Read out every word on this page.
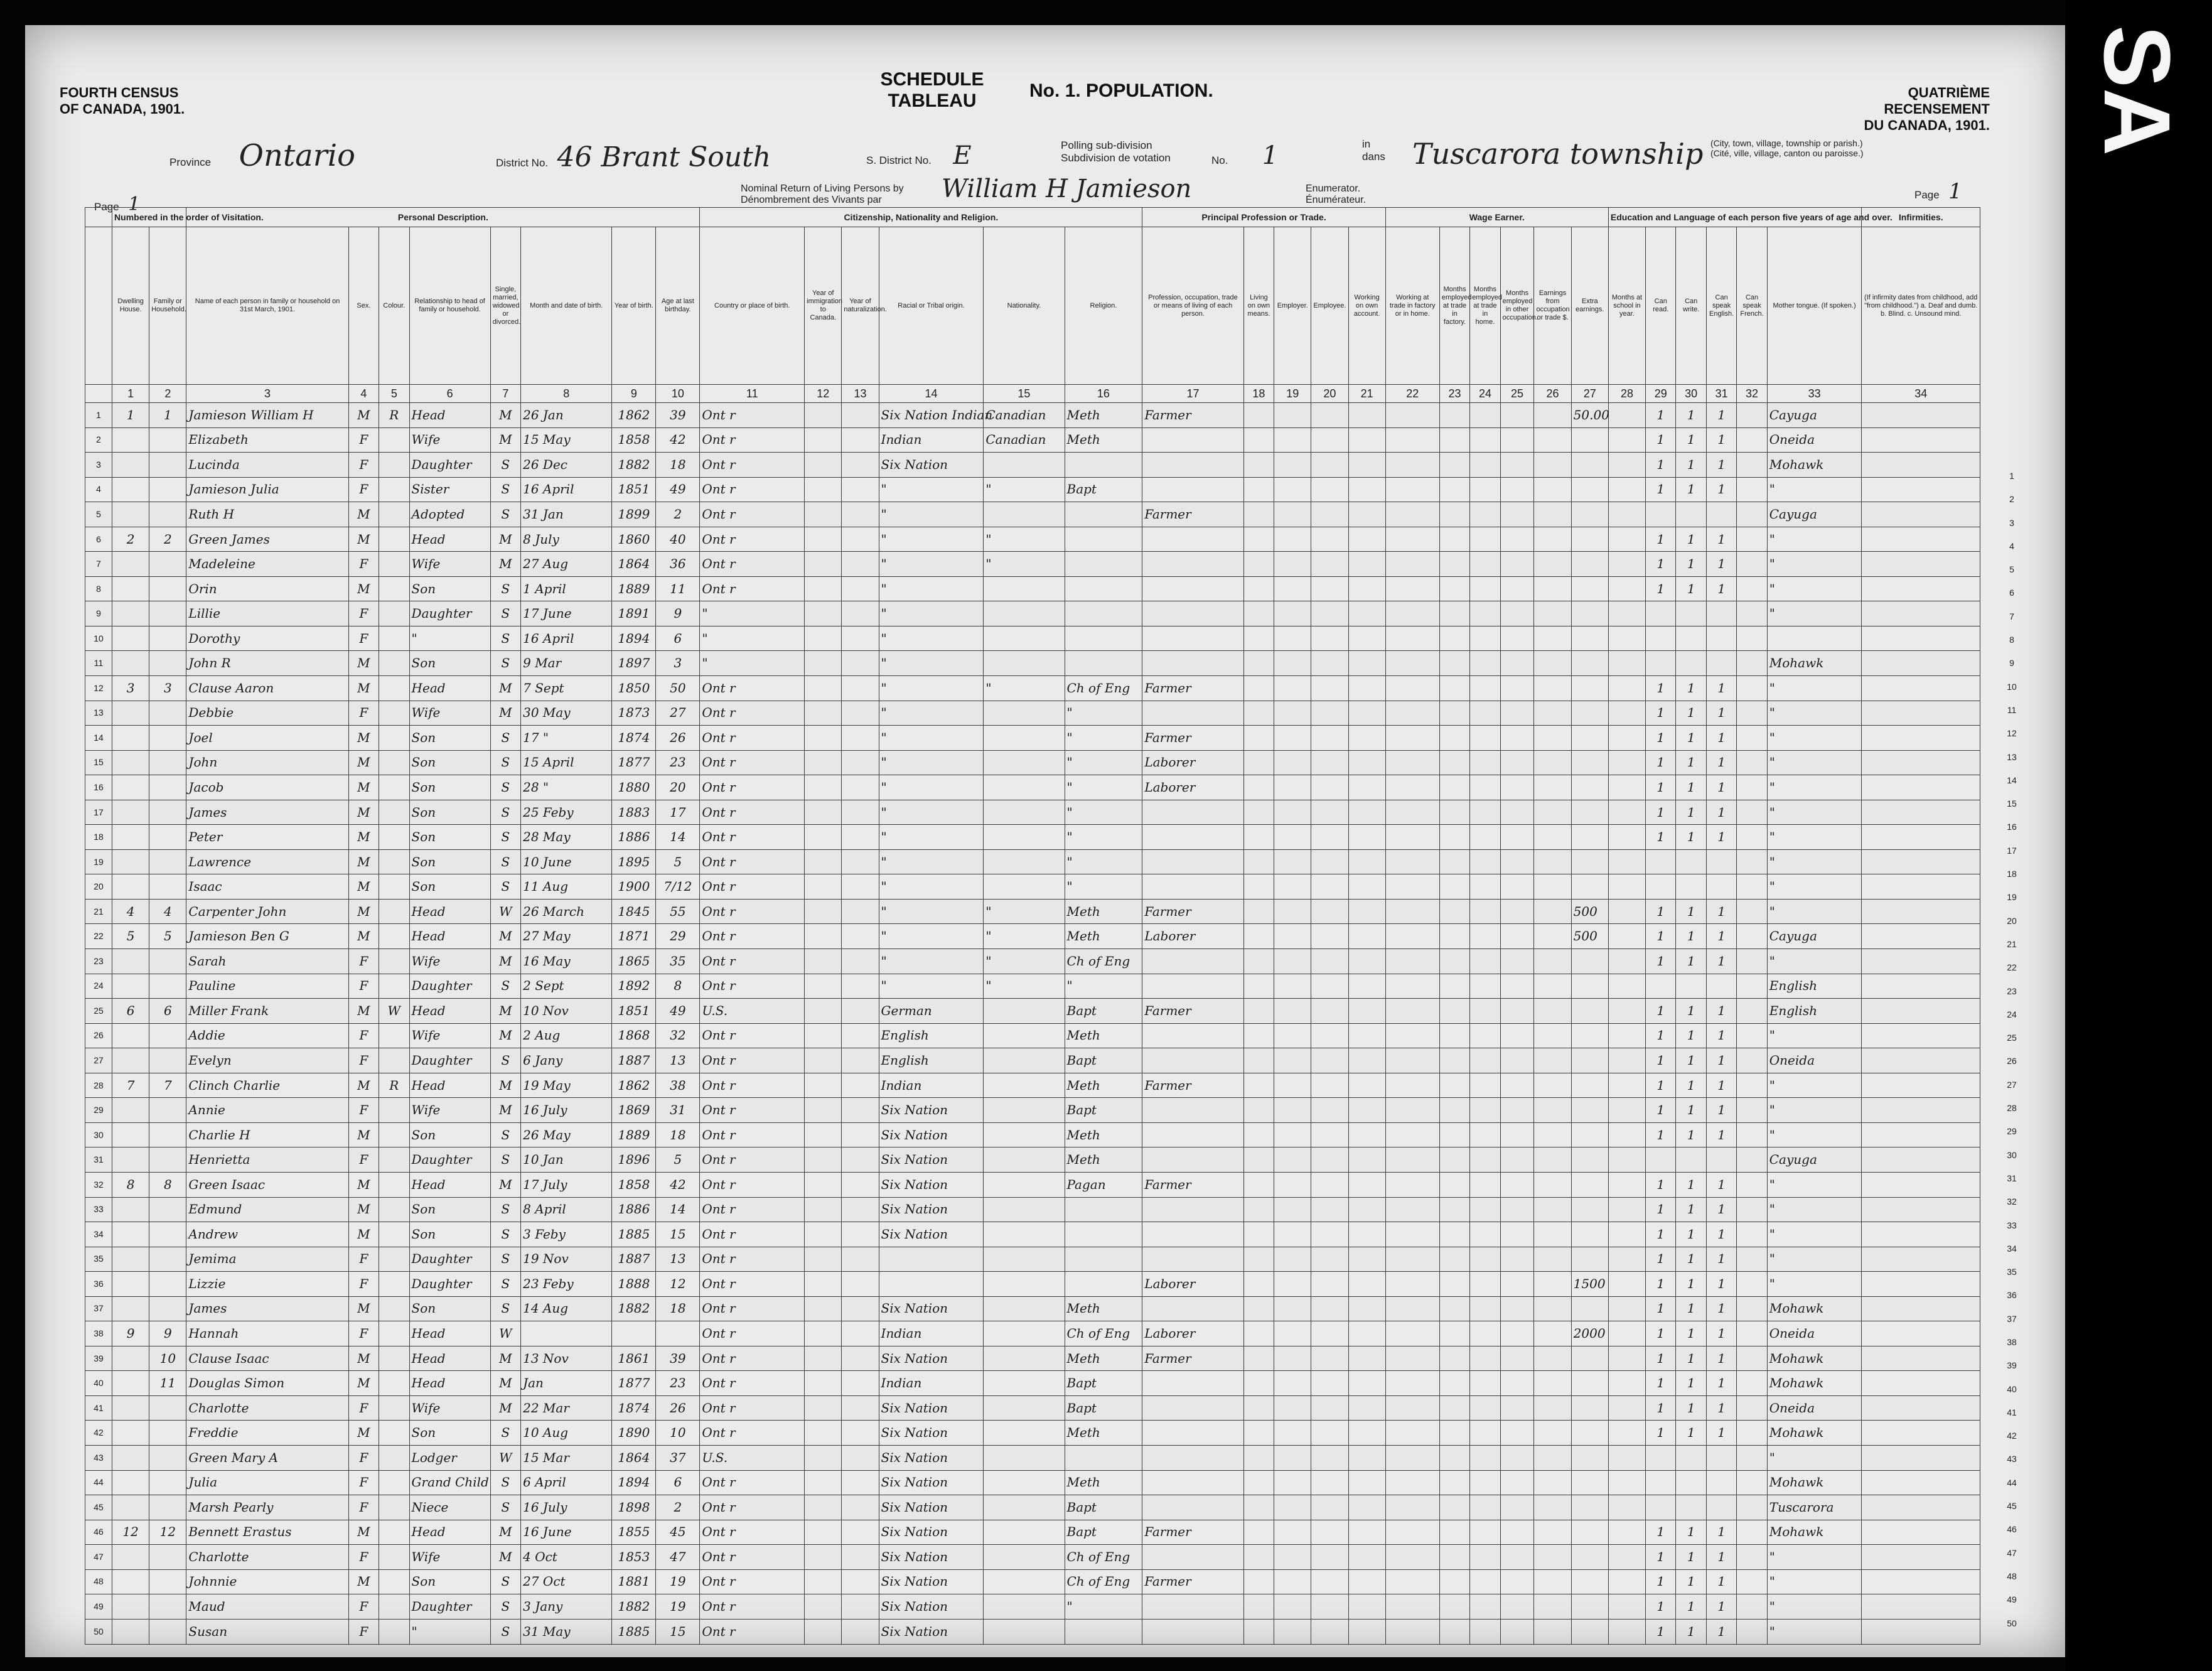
FOURTH CENSUS
OF CANADA, 1901.
SCHEDULE
TABLEAU	No. 1. POPULATION.	QUATRIÈME RECENSEMENT
DU CANADA, 1901.
Province Ontario	District No. 46 Brant South	S. District No. E	Polling sub-division
Subdivision de votation	No. 1	in
dans Tuscarora township (City, town, village, township or parish.)
(Cité, ville, village, canton ou paroisse.)
Page 1
Page 1
Nominal Return of Living Persons by
Dénombrement des Vivants par	William H Jamieson	Enumerator.
Énumérateur.
	Numbered in the order of Visitation.		Personal Description.								Citizenship, Nationality and Religion.						Principal Profession or Trade.					Wage Earner.						Education and Language of each person five years of age and over.						Infirmities.
	Dwelling House.	Family or Household.	Name of each person in family or household on 31st March, 1901.	Sex.	Colour.	Relationship to head of family or household.	Single, married, widowed or divorced.	Month and date of birth.	Year of birth.	Age at last birthday.	Country or place of birth.	Year of immigration to Canada.	Year of naturalization.	Racial or Tribal origin.	Nationality.	Religion.	Profession, occupation, trade or means of living of each person.	Living on own means.	Employer.	Employee.	Working on own account.	Working at trade in factory or in home.	Months employed at trade in factory.	Months employed at trade in home.	Months employed in other occupation.	Earnings from occupation or trade $.	Extra earnings.	Months at school in year.	Can read.	Can write.	Can speak English.	Can speak French.	Mother tongue. (If spoken.)	(If infirmity dates from childhood, add "from childhood.") a. Deaf and dumb. b. Blind. c. Unsound mind.
	1	2	3	4	5	6	7	8	9	10	11	12	13	14	15	16	17	18	19	20	21	22	23	24	25	26	27	28	29	30	31	32	33	34
1	1	1	Jamieson William H	M	R	Head	M	26 Jan	1862	39	Ont r			Six Nation Indian	Canadian	Meth	Farmer										50.00		1	1	1		Cayuga	
2			Elizabeth	F		Wife	M	15 May	1858	42	Ont r			Indian	Canadian	Meth													1	1	1		Oneida	
3			Lucinda	F		Daughter	S	26 Dec	1882	18	Ont r			Six Nation															1	1	1		Mohawk	
4			Jamieson Julia	F		Sister	S	16 April	1851	49	Ont r			"	"	Bapt													1	1	1		"	
5			Ruth H	M		Adopted	S	31 Jan	1899	2	Ont r			"			Farmer																Cayuga	
6	2	2	Green James	M		Head	M	8 July	1860	40	Ont r			"	"														1	1	1		"	
7			Madeleine	F		Wife	M	27 Aug	1864	36	Ont r			"	"														1	1	1		"	
8			Orin	M		Son	S	1 April	1889	11	Ont r			"															1	1	1		"	
9			Lillie	F		Daughter	S	17 June	1891	9	"			"																			"	
10			Dorothy	F		"	S	16 April	1894	6	"			"																				
11			John R	M		Son	S	9 Mar	1897	3	"			"																			Mohawk	
12	3	3	Clause Aaron	M		Head	M	7 Sept	1850	50	Ont r			"	"	Ch of Eng	Farmer												1	1	1		"	
13			Debbie	F		Wife	M	30 May	1873	27	Ont r			"		"													1	1	1		"	
14			Joel	M		Son	S	17 "	1874	26	Ont r			"		"	Farmer												1	1	1		"	
15			John	M		Son	S	15 April	1877	23	Ont r			"		"	Laborer												1	1	1		"	
16			Jacob	M		Son	S	28 "	1880	20	Ont r			"		"	Laborer												1	1	1		"	
17			James	M		Son	S	25 Feby	1883	17	Ont r			"		"													1	1	1		"	
18			Peter	M		Son	S	28 May	1886	14	Ont r			"		"													1	1	1		"	
19			Lawrence	M		Son	S	10 June	1895	5	Ont r			"		"																	"	
20			Isaac	M		Son	S	11 Aug	1900	7/12	Ont r			"		"																	"	
21	4	4	Carpenter John	M		Head	W	26 March	1845	55	Ont r			"	"	Meth	Farmer										500		1	1	1		"	
22	5	5	Jamieson Ben G	M		Head	M	27 May	1871	29	Ont r			"	"	Meth	Laborer										500		1	1	1		Cayuga	
23			Sarah	F		Wife	M	16 May	1865	35	Ont r			"	"	Ch of Eng													1	1	1		"	
24			Pauline	F		Daughter	S	2 Sept	1892	8	Ont r			"	"	"																	English	
25	6	6	Miller Frank	M	W	Head	M	10 Nov	1851	49	U.S.			German		Bapt	Farmer												1	1	1		English	
26			Addie	F		Wife	M	2 Aug	1868	32	Ont r			English		Meth													1	1	1		"	
27			Evelyn	F		Daughter	S	6 Jany	1887	13	Ont r			English		Bapt													1	1	1		Oneida	
28	7	7	Clinch Charlie	M	R	Head	M	19 May	1862	38	Ont r			Indian		Meth	Farmer												1	1	1		"	
29			Annie	F		Wife	M	16 July	1869	31	Ont r			Six Nation		Bapt													1	1	1		"	
30			Charlie H	M		Son	S	26 May	1889	18	Ont r			Six Nation		Meth													1	1	1		"	
31			Henrietta	F		Daughter	S	10 Jan	1896	5	Ont r			Six Nation		Meth																	Cayuga	
32	8	8	Green Isaac	M		Head	M	17 July	1858	42	Ont r			Six Nation		Pagan	Farmer												1	1	1		"	
33			Edmund	M		Son	S	8 April	1886	14	Ont r			Six Nation															1	1	1		"	
34			Andrew	M		Son	S	3 Feby	1885	15	Ont r			Six Nation															1	1	1		"	
35			Jemima	F		Daughter	S	19 Nov	1887	13	Ont r																		1	1	1		"	
36			Lizzie	F		Daughter	S	23 Feby	1888	12	Ont r						Laborer										1500		1	1	1		"	
37			James	M		Son	S	14 Aug	1882	18	Ont r			Six Nation		Meth													1	1	1		Mohawk	
38	9	9	Hannah	F		Head	W				Ont r			Indian		Ch of Eng	Laborer										2000		1	1	1		Oneida	
39		10	Clause Isaac	M		Head	M	13 Nov	1861	39	Ont r			Six Nation		Meth	Farmer												1	1	1		Mohawk	
40		11	Douglas Simon	M		Head	M	Jan	1877	23	Ont r			Indian		Bapt													1	1	1		Mohawk	
41			Charlotte	F		Wife	M	22 Mar	1874	26	Ont r			Six Nation		Bapt													1	1	1		Oneida	
42			Freddie	M		Son	S	10 Aug	1890	10	Ont r			Six Nation		Meth													1	1	1		Mohawk	
43			Green Mary A	F		Lodger	W	15 Mar	1864	37	U.S.			Six Nation																			"	
44			Julia	F		Grand Child	S	6 April	1894	6	Ont r			Six Nation		Meth																	Mohawk	
45			Marsh Pearly	F		Niece	S	16 July	1898	2	Ont r			Six Nation		Bapt																	Tuscarora	
46	12	12	Bennett Erastus	M		Head	M	16 June	1855	45	Ont r			Six Nation		Bapt	Farmer												1	1	1		Mohawk	
47			Charlotte	F		Wife	M	4 Oct	1853	47	Ont r			Six Nation		Ch of Eng													1	1	1		"	
48			Johnnie	M		Son	S	27 Oct	1881	19	Ont r			Six Nation		Ch of Eng	Farmer												1	1	1		"	
49			Maud	F		Daughter	S	3 Jany	1882	19	Ont r			Six Nation		"													1	1	1		"	
50			Susan	F		"	S	31 May	1885	15	Ont r			Six Nation															1	1	1		"	
1
2
3
4
5
6
7
8
9
10
11
12
13
14
15
16
17
18
19
20
21
22
23
24
25
26
27
28
29
30
31
32
33
34
35
36
37
38
39
40
41
42
43
44
45
46
47
48
49
50
SA
